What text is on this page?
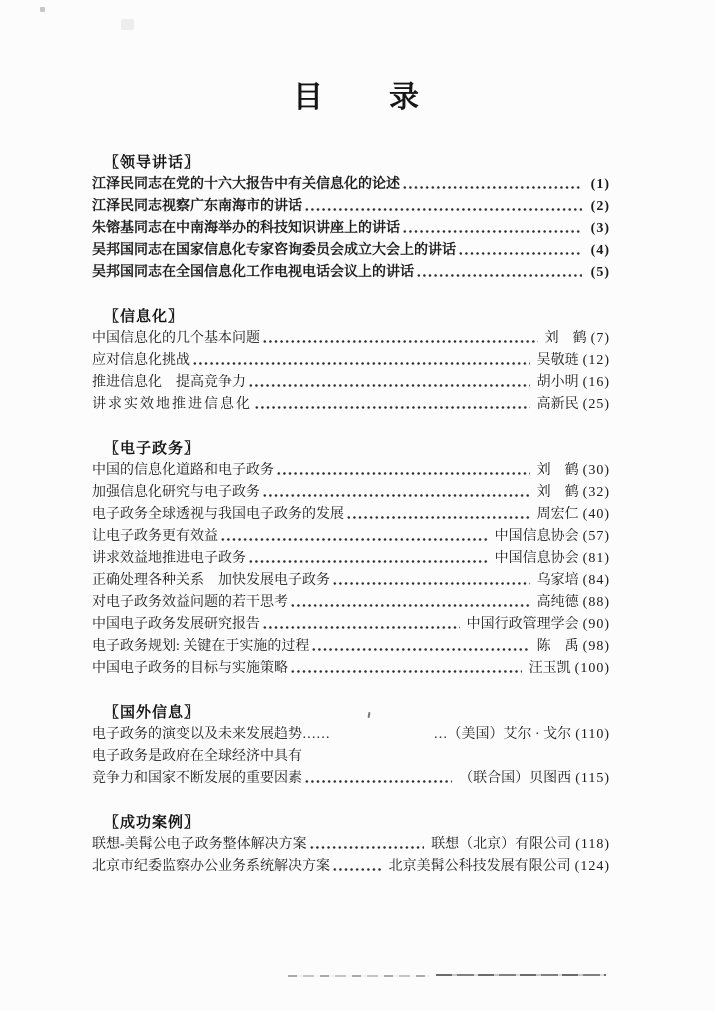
目　　录
〖领导讲话〗
江泽民同志在党的十六大报告中有关信息化的论述	(1)
江泽民同志视察广东南海市的讲话	(2)
朱镕基同志在中南海举办的科技知识讲座上的讲话	(3)
吴邦国同志在国家信息化专家咨询委员会成立大会上的讲话	(4)
吴邦国同志在全国信息化工作电视电话会议上的讲话	(5)
〖信息化〗
中国信息化的几个基本问题	刘　鹤 (7)
应对信息化挑战	吴敬琏 (12)
推进信息化　提高竞争力	胡小明 (16)
讲求实效地推进信息化	高新民 (25)
〖电子政务〗
中国的信息化道路和电子政务	刘　鹤 (30)
加强信息化研究与电子政务	刘　鹤 (32)
电子政务全球透视与我国电子政务的发展	周宏仁 (40)
让电子政务更有效益	中国信息协会 (57)
讲求效益地推进电子政务	中国信息协会 (81)
正确处理各种关系　加快发展电子政务	乌家培 (84)
对电子政务效益问题的若干思考	高纯德 (88)
中国电子政务发展研究报告	中国行政管理学会 (90)
电子政务规划: 关键在于实施的过程	陈　禹 (98)
中国电子政务的目标与实施策略	汪玉凯 (100)
〖国外信息〗
电子政务的演变以及未来发展趋势……	…（美国）艾尔 · 戈尔 (110)
电子政务是政府在全球经济中具有
竞争力和国家不断发展的重要因素	（联合国）贝图西 (115)
〖成功案例〗
联想-美髯公电子政务整体解决方案	联想（北京）有限公司 (118)
北京市纪委监察办公业务系统解决方案	北京美髯公科技发展有限公司 (124)
